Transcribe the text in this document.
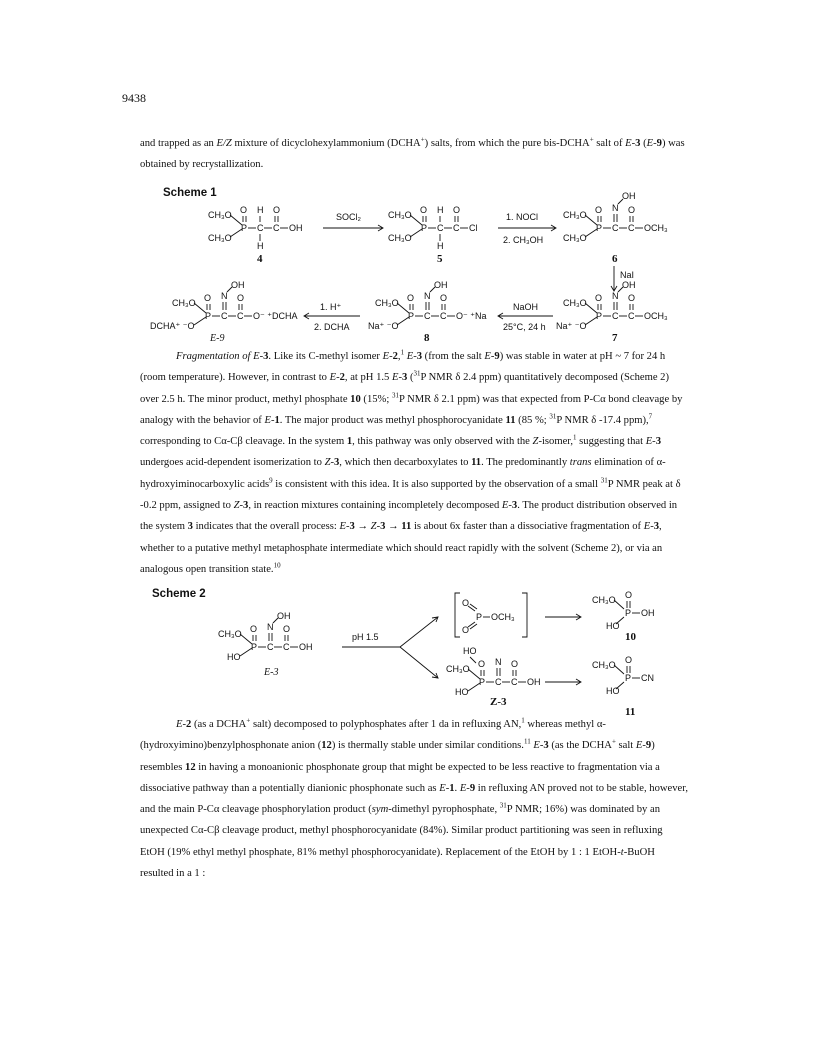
9438

and trapped as an E/Z mixture of dicyclohexylammonium (DCHA+) salts, from which the pure bis-DCHA+ salt of E-3 (E-9) was obtained by recrystallization.

Scheme 1
CH₃O
CH₃O
O
P C
H
H
C
O
OH
4
SOCl₂	CH₃O
CH₃O
O
P C
H
H
C
O
Cl
5
1. NOCl
2. CH₃OH
CH₃O
CH₃O
O
P C
N
OH
C
O
OCH₃
6
NaI
CH₃O
Na⁺ ⁻O
O
P C
N
OH
C
O
OCH₃
7
NaOH
25°C, 24 h
CH₃O
Na⁺ ⁻O
O
P C
N
OH
C
O
O⁻ ⁺Na
8
1. H⁺
2. DCHA
CH₃O
DCHA⁺ ⁻O
O
P C
N
OH
C
O
O⁻ ⁺DCHA
E-9

Fragmentation of E-3. Like its C-methyl isomer E-2,$^1$ E-3 (from the salt E-9) was stable in water at pH ~ 7 for 24 h (room temperature). However, in contrast to E-2, at pH 1.5 E-3 ($^{31}$P NMR δ 2.4 ppm) quantitatively decomposed (Scheme 2) over 2.5 h. The minor product, methyl phosphate 10 (15%; $^{31}$P NMR δ 2.1 ppm) was that expected from P-Cα bond cleavage by analogy with the behavior of E-1. The major product was methyl phosphorocyanidate 11 (85 %; $^{31}$P NMR δ -17.4 ppm),$^7$ corresponding to Cα-Cβ cleavage. In the system 1, this pathway was only observed with the Z-isomer,$^1$ suggesting that E-3 undergoes acid-dependent isomerization to Z-3, which then decarboxylates to 11. The predominantly trans elimination of α-hydroxyiminocarboxylic acids$^9$ is consistent with this idea. It is also supported by the observation of a small $^{31}$P NMR peak at δ -0.2 ppm, assigned to Z-3, in reaction mixtures containing incompletely decomposed E-3. The product distribution observed in the system 3 indicates that the overall process: E-3 → Z-3 → 11 is about 6x faster than a dissociative fragmentation of E-3, whether to a putative methyl metaphosphate intermediate which should react rapidly with the solvent (Scheme 2), or via an analogous open transition state.$^{10}$

Scheme 2
CH₃O
HO
O
P C
N
OH
C
O
OH
E-3
pH 1.5
O
O
P OCH₃
CH₃O
HO
O
P OH
10
HO
CH₃O
HO
O
P C
N
C
O
OH
Z-3
CH₃O
HO
O
P CN
11

E-2 (as a DCHA+ salt) decomposed to polyphosphates after 1 da in refluxing AN,$^1$ whereas methyl α-(hydroxyimino)benzylphosphonate anion (12) is thermally stable under similar conditions.$^{11}$ E-3 (as the DCHA+ salt E-9) resembles 12 in having a monoanionic phosphonate group that might be expected to be less reactive to fragmentation via a dissociative pathway than a potentially dianionic phosphonate such as E-1. E-9 in refluxing AN proved not to be stable, however, and the main P-Cα cleavage phosphorylation product (sym-dimethyl pyrophosphate, $^{31}$P NMR; 16%) was dominated by an unexpected Cα-Cβ cleavage product, methyl phosphorocyanidate (84%). Similar product partitioning was seen in refluxing EtOH (19% ethyl methyl phosphate, 81% methyl phosphorocyanidate). Replacement of the EtOH by 1 : 1 EtOH-t-BuOH resulted in a 1 :
